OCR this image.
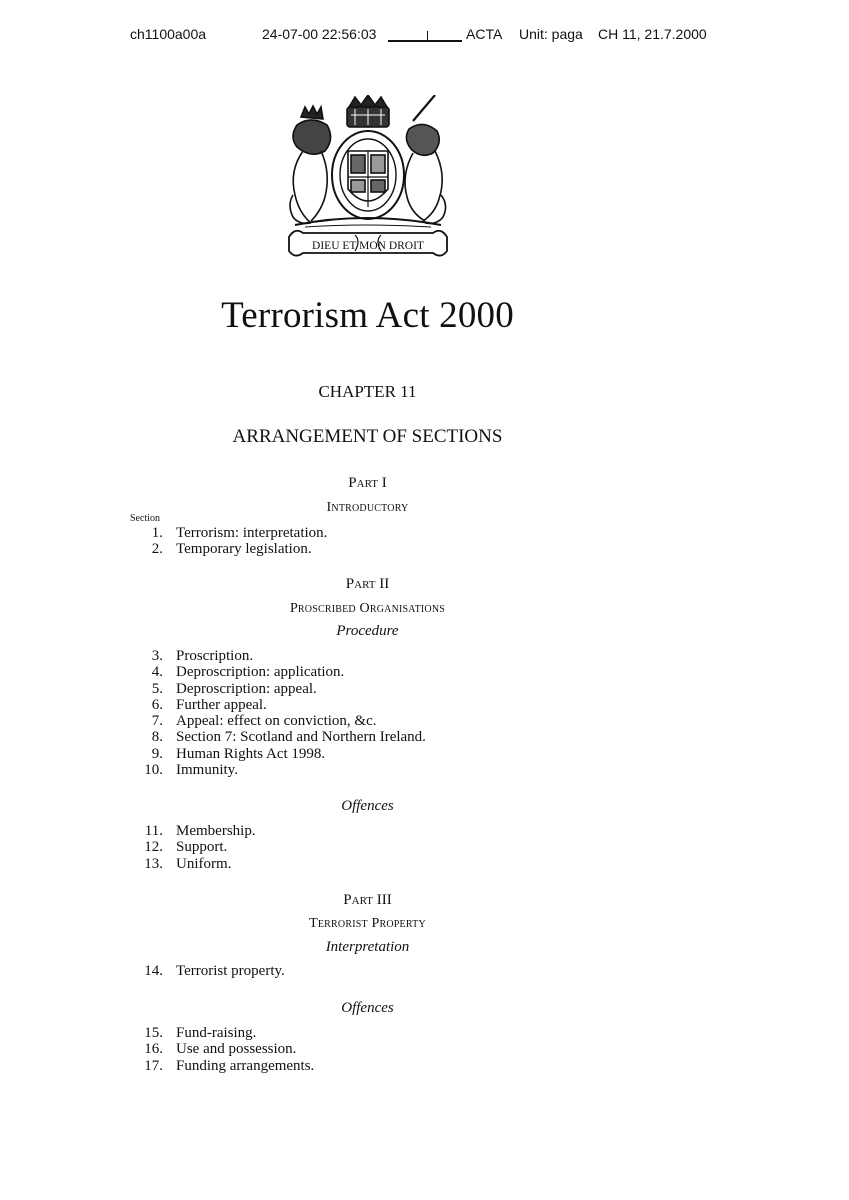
ch1100a00a	24-07-00 22:56:03	ACTA Unit: paga CH 11, 21.7.2000
DIEU ET MON DROIT
Terrorism Act 2000
CHAPTER 11
ARRANGEMENT OF SECTIONS
Part I
Introductory
Section
1. Terrorism: interpretation.
2. Temporary legislation.
Part II
Proscribed Organisations
Procedure
3. Proscription.
4. Deproscription: application.
5. Deproscription: appeal.
6. Further appeal.
7. Appeal: effect on conviction, &c.
8. Section 7: Scotland and Northern Ireland.
9. Human Rights Act 1998.
10. Immunity.
Offences
11. Membership.
12. Support.
13. Uniform.
Part III
Terrorist Property
Interpretation
14. Terrorist property.
Offences
15. Fund-raising.
16. Use and possession.
17. Funding arrangements.
